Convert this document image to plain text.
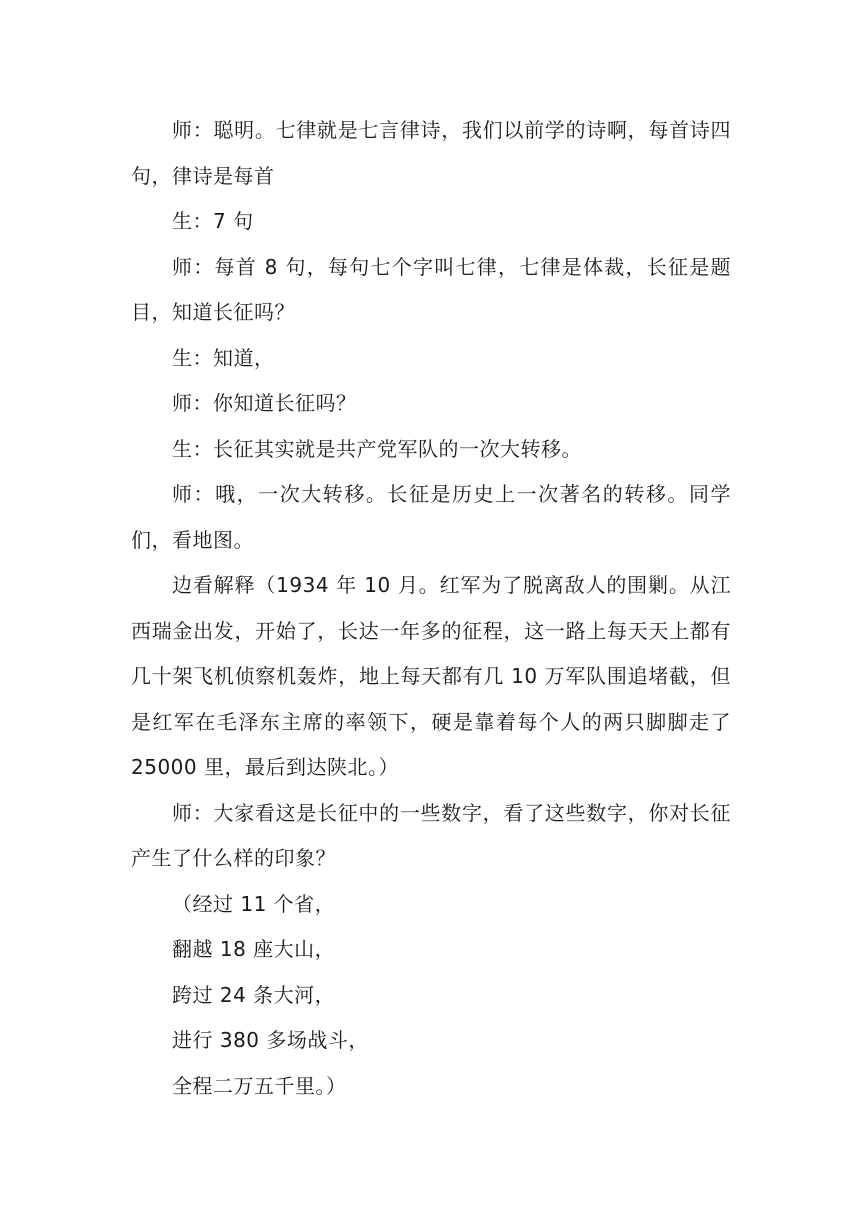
师：聪明。七律就是七言律诗，我们以前学的诗啊，每首诗四句，律诗是每首

生：7 句

师：每首 8 句，每句七个字叫七律，七律是体裁，长征是题目，知道长征吗？

生：知道，

师：你知道长征吗？

生：长征其实就是共产党军队的一次大转移。

师：哦，一次大转移。长征是历史上一次著名的转移。同学们，看地图。

边看解释（1934 年 10 月。红军为了脱离敌人的围剿。从江西瑞金出发，开始了，长达一年多的征程，这一路上每天天上都有几十架飞机侦察机轰炸，地上每天都有几 10 万军队围追堵截，但是红军在毛泽东主席的率领下，硬是靠着每个人的两只脚脚走了 25000 里，最后到达陕北。）

师：大家看这是长征中的一些数字，看了这些数字，你对长征产生了什么样的印象？

（经过 11 个省，

翻越 18 座大山，

跨过 24 条大河，

进行 380 多场战斗，

全程二万五千里。）
